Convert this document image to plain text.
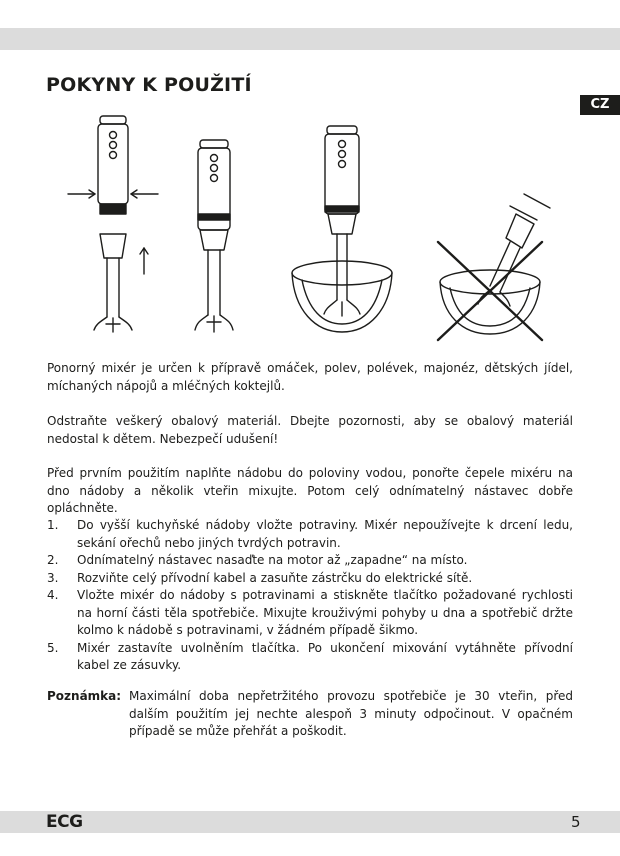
POKYNY K POUŽITÍ
CZ

Ponorný mixér je určen k přípravě omáček, polev, polévek, majonéz, dětských jídel, míchaných nápojů a mléčných koktejlů.

Odstraňte veškerý obalový materiál. Dbejte pozornosti, aby se obalový materiál nedostal k dětem. Nebezpečí udušení!

Před prvním použitím naplňte nádobu do poloviny vodou, ponořte čepele mixéru na dno nádoby a několik vteřin mixujte. Potom celý odnímatelný nástavec dobře opláchněte.

1. Do vyšší kuchyňské nádoby vložte potraviny. Mixér nepoužívejte k drcení ledu, sekání ořechů nebo jiných tvrdých potravin.
2. Odnímatelný nástavec nasaďte na motor až „zapadne“ na místo.
3. Rozviňte celý přívodní kabel a zasuňte zástrčku do elektrické sítě.
4. Vložte mixér do nádoby s potravinami a stiskněte tlačítko požadované rychlosti na horní části těla spotřebiče. Mixujte krouživými pohyby u dna a spotřebič držte kolmo k nádobě s potravinami, v žádném případě šikmo.
5. Mixér zastavíte uvolněním tlačítka. Po ukončení mixování vytáhněte přívodní kabel ze zásuvky.
Poznámka: Maximální doba nepřetržitého provozu spotřebiče je 30 vteřin, před dalším použitím jej nechte alespoň 3 minuty odpočinout. V opačném případě se může přehřát a poškodit.
ECG	5
